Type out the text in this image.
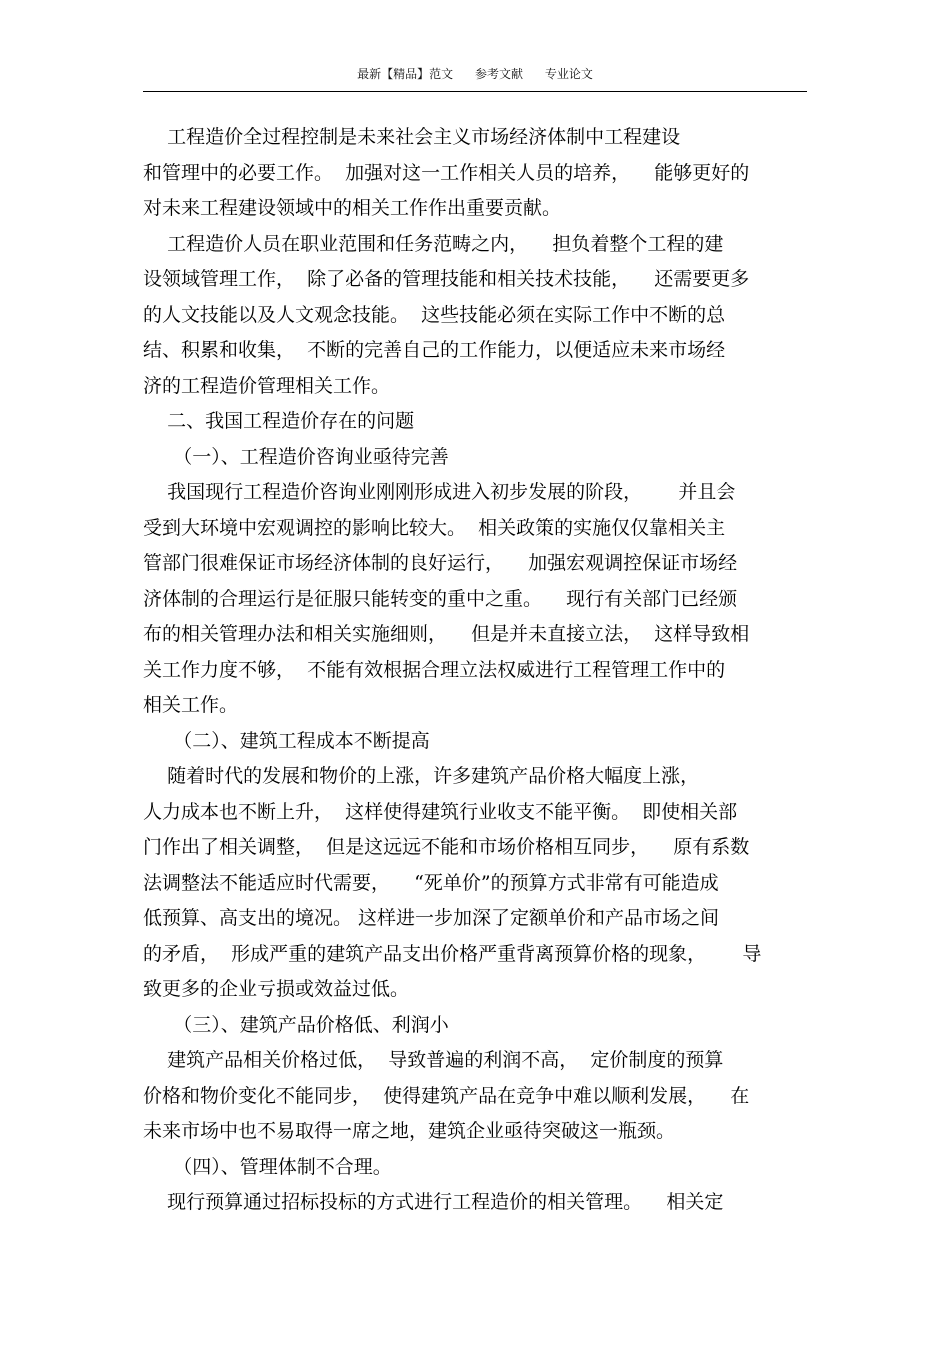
最新【精品】范文 参考文献 专业论文
工程造价全过程控制是未来社会主义市场经济体制中工程建设
和管理中的必要工作。  加强对这一工作相关人员的培养，    能够更好的
对未来工程建设领域中的相关工作作出重要贡献。
工程造价人员在职业范围和任务范畴之内，    担负着整个工程的建
设领域管理工作，  除了必备的管理技能和相关技术技能，    还需要更多
的人文技能以及人文观念技能。  这些技能必须在实际工作中不断的总
结、积累和收集，  不断的完善自己的工作能力，以便适应未来市场经
济的工程造价管理相关工作。
二、我国工程造价存在的问题
（一）、工程造价咨询业亟待完善
我国现行工程造价咨询业刚刚形成进入初步发展的阶段，      并且会
受到大环境中宏观调控的影响比较大。  相关政策的实施仅仅靠相关主
管部门很难保证市场经济体制的良好运行，    加强宏观调控保证市场经
济体制的合理运行是征服只能转变的重中之重。    现行有关部门已经颁
布的相关管理办法和相关实施细则，    但是并未直接立法，  这样导致相
关工作力度不够，  不能有效根据合理立法权威进行工程管理工作中的
相关工作。
（二）、建筑工程成本不断提高
随着时代的发展和物价的上涨，许多建筑产品价格大幅度上涨，
人力成本也不断上升，  这样使得建筑行业收支不能平衡。  即使相关部
门作出了相关调整，  但是这远远不能和市场价格相互同步，    原有系数
法调整法不能适应时代需要，    “死单价”的预算方式非常有可能造成
低预算、高支出的境况。 这样进一步加深了定额单价和产品市场之间
的矛盾，  形成严重的建筑产品支出价格严重背离预算价格的现象，      导
致更多的企业亏损或效益过低。
（三）、建筑产品价格低、利润小
建筑产品相关价格过低，  导致普遍的利润不高，  定价制度的预算
价格和物价变化不能同步，  使得建筑产品在竞争中难以顺利发展，    在
未来市场中也不易取得一席之地，建筑企业亟待突破这一瓶颈。
（四）、管理体制不合理。
现行预算通过招标投标的方式进行工程造价的相关管理。    相关定
